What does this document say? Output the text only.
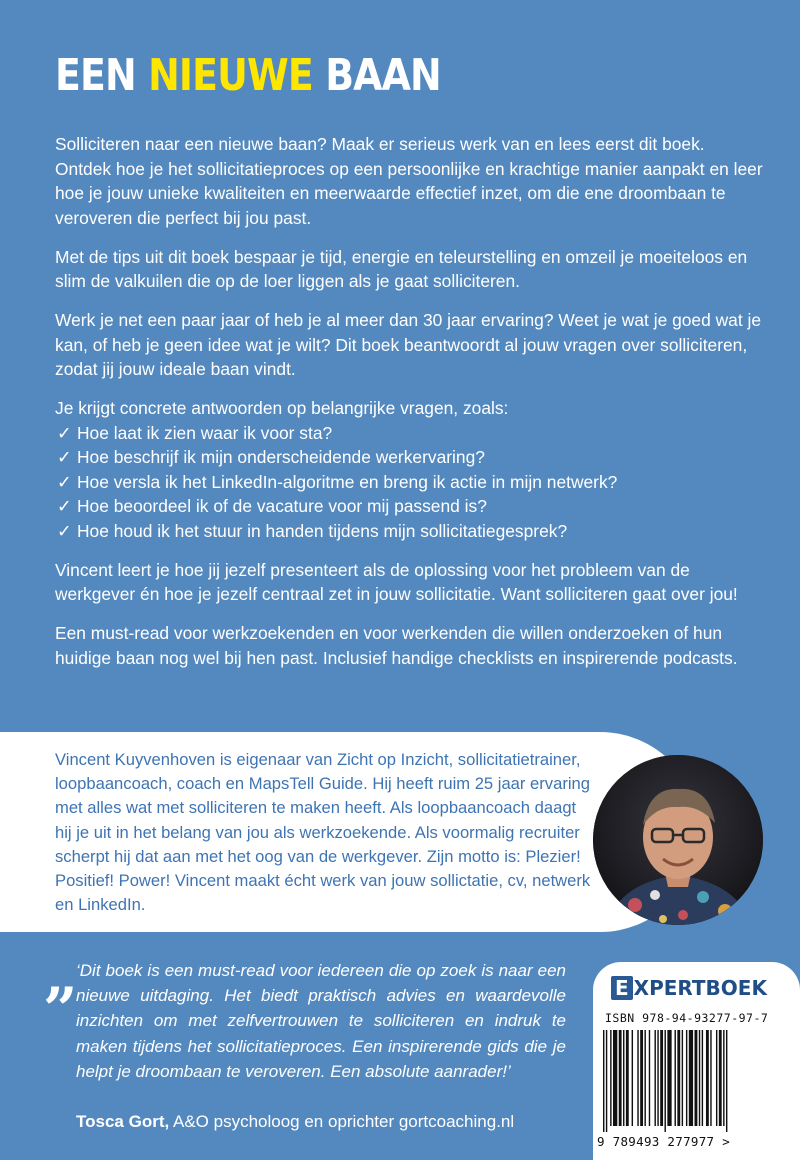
EEN NIEUWE BAAN

Solliciteren naar een nieuwe baan? Maak er serieus werk van en lees eerst dit boek. Ontdek hoe je het sollicitatieproces op een persoonlijke en krachtige manier aanpakt en leer hoe je jouw unieke kwaliteiten en meerwaarde effectief inzet, om die ene droombaan te veroveren die perfect bij jou past.

Met de tips uit dit boek bespaar je tijd, energie en teleurstelling en omzeil je moeiteloos en slim de valkuilen die op de loer liggen als je gaat solliciteren.

Werk je net een paar jaar of heb je al meer dan 30 jaar ervaring? Weet je wat je goed wat je kan, of heb je geen idee wat je wilt? Dit boek beantwoordt al jouw vragen over solliciteren, zodat jij jouw ideale baan vindt.

Je krijgt concrete antwoorden op belangrijke vragen, zoals:

✓ Hoe laat ik zien waar ik voor sta?
✓ Hoe beschrijf ik mijn onderscheidende werkervaring?
✓ Hoe versla ik het LinkedIn-algoritme en breng ik actie in mijn netwerk?
✓ Hoe beoordeel ik of de vacature voor mij passend is?
✓ Hoe houd ik het stuur in handen tijdens mijn sollicitatiegesprek?

Vincent leert je hoe jij jezelf presenteert als de oplossing voor het probleem van de werkgever én hoe je jezelf centraal zet in jouw sollicitatie. Want solliciteren gaat over jou!

Een must-read voor werkzoekenden en voor werkenden die willen onderzoeken of hun huidige baan nog wel bij hen past. Inclusief handige checklists en inspirerende podcasts.

Vincent Kuyvenhoven is eigenaar van Zicht op Inzicht, sollicitatietrainer, loopbaancoach, coach en MapsTell Guide. Hij heeft ruim 25 jaar ervaring met alles wat met solliciteren te maken heeft. Als loopbaancoach daagt hij je uit in het belang van jou als werkzoekende. Als voormalig recruiter scherpt hij dat aan met het oog van de werkgever. Zijn motto is: Plezier! Positief! Power! Vincent maakt écht werk van jouw sollictatie, cv, netwerk en LinkedIn.

„

‘Dit boek is een must-read voor iedereen die op zoek is naar een nieuwe uitdaging. Het biedt praktisch advies en waardevolle inzichten om met zelfvertrouwen te solliciteren en indruk te maken tijdens het sollicitatieproces. Een inspirerende gids die je helpt je droombaan te veroveren. Een absolute aanrader!’

Tosca Gort, A&O psycholoog en oprichter gortcoaching.nl
E XPERTBOEK
ISBN 978-94-93277-97-7
9 789493 277977 >
